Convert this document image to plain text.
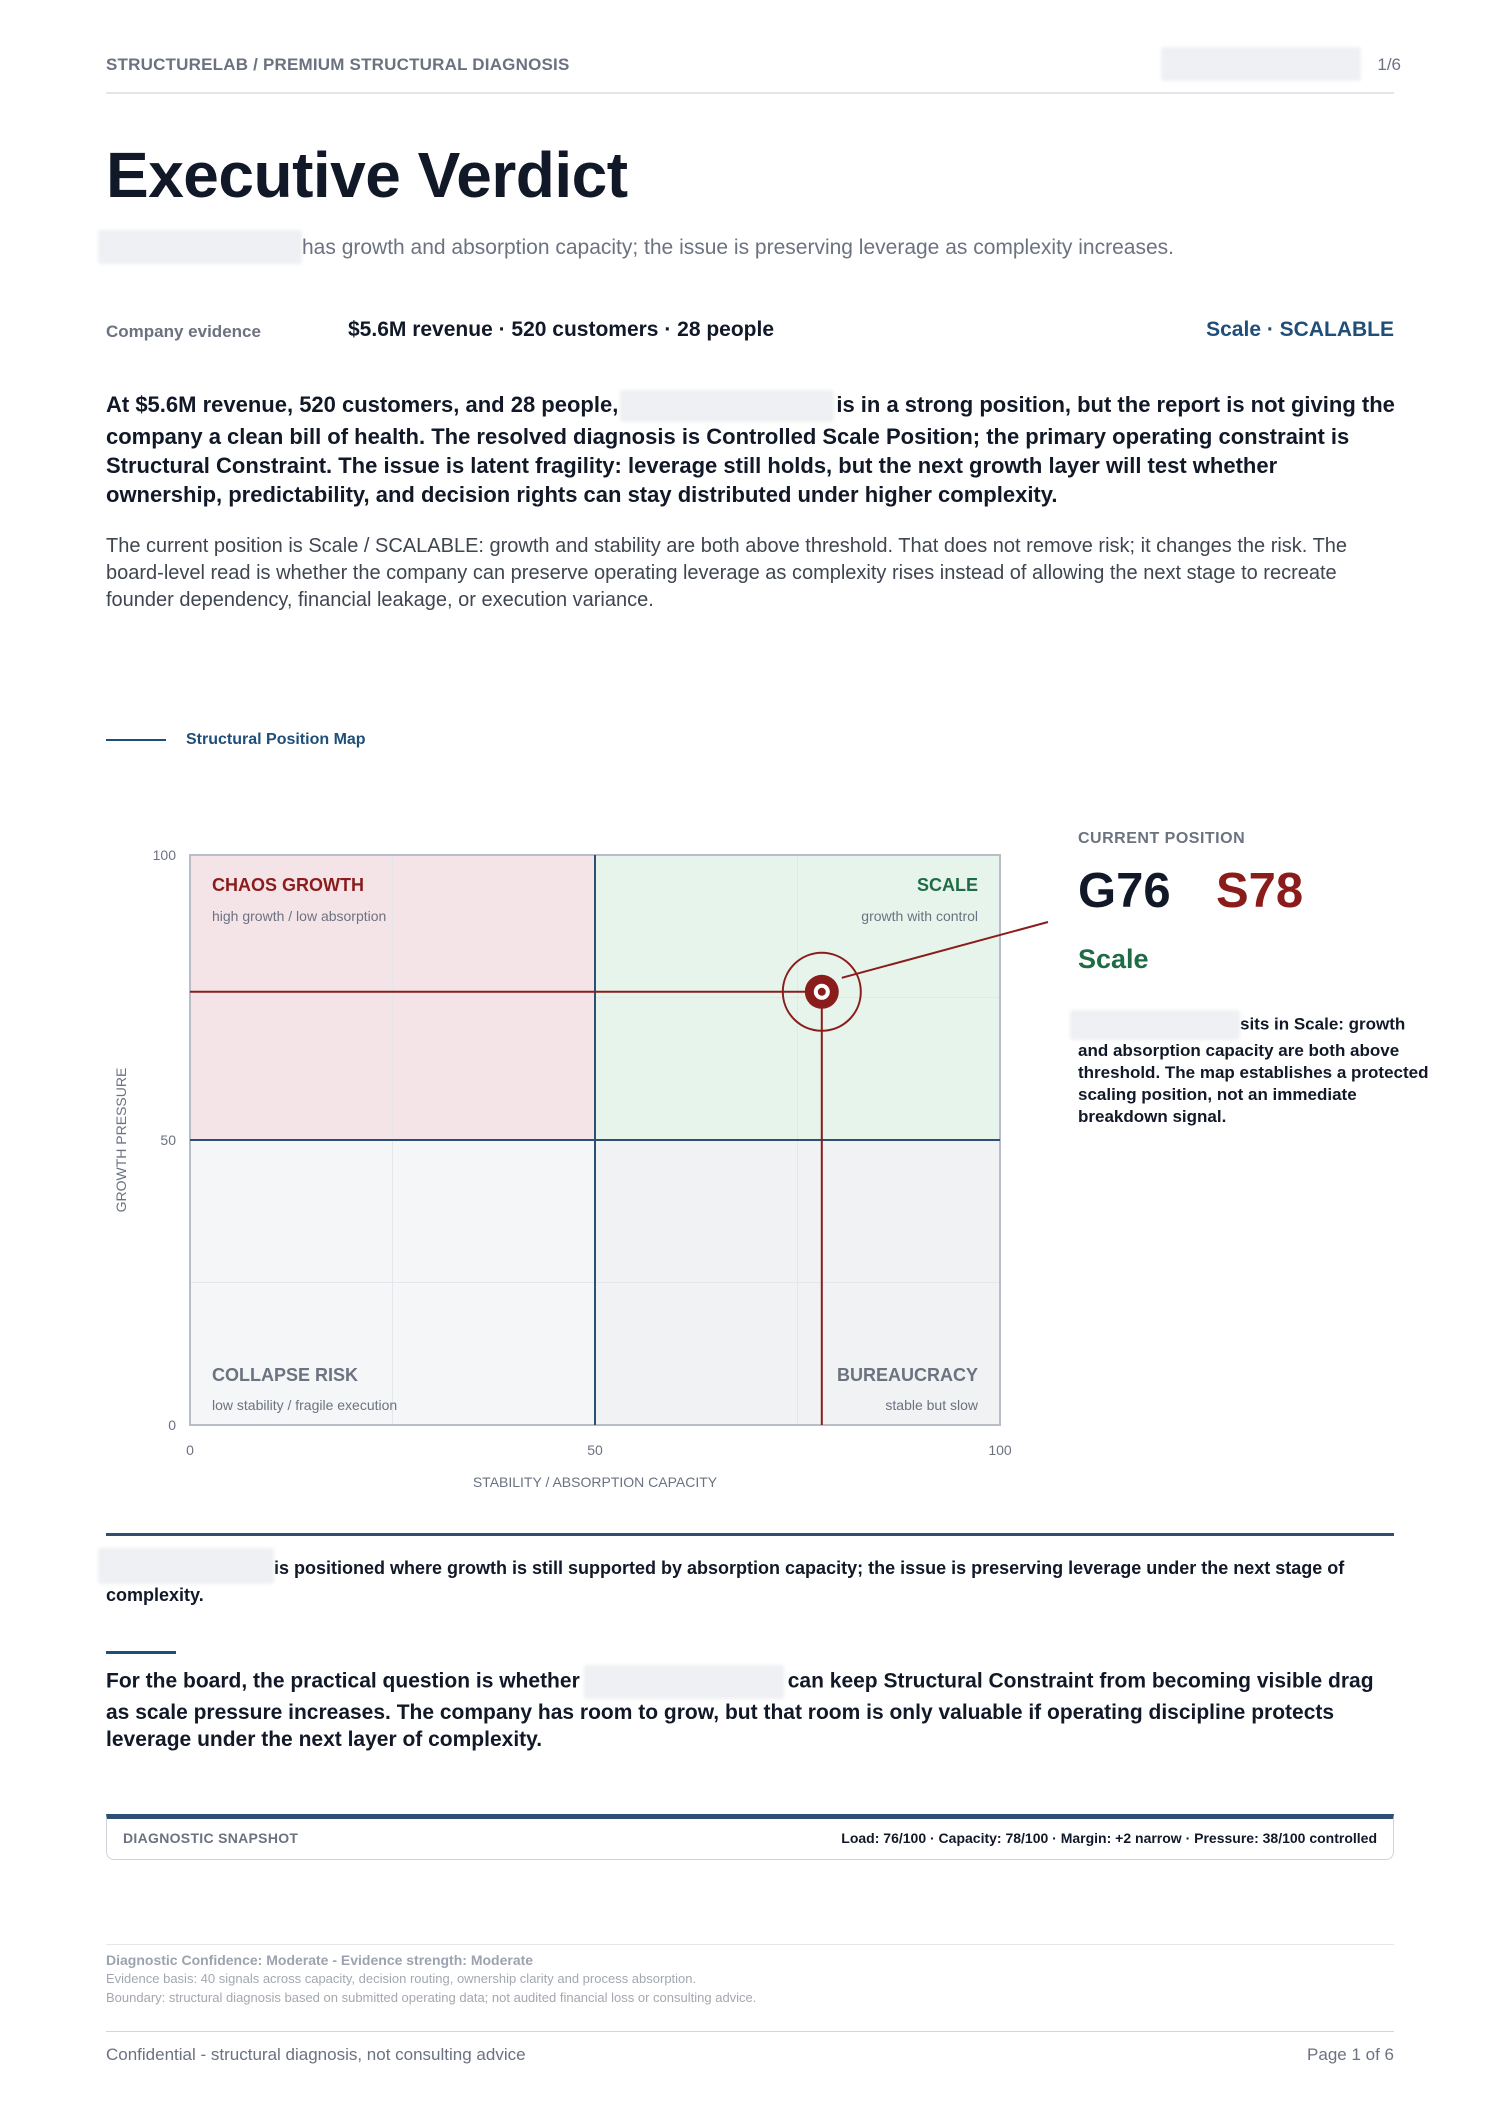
STRUCTURELAB / PREMIUM STRUCTURAL DIAGNOSIS	1/6
Executive Verdict
has growth and absorption capacity; the issue is preserving leverage as complexity increases.
Company evidence	$5.6M revenue · 520 customers · 28 people	Scale · SCALABLE

At $5.6M revenue, 520 customers, and 28 people,	is in a strong position, but the report is not giving the company a clean bill of health. The resolved diagnosis is Controlled Scale Position; the primary operating constraint is Structural Constraint. The issue is latent fragility: leverage still holds, but the next growth layer will test whether ownership, predictability, and decision rights can stay distributed under higher complexity.

The current position is Scale / SCALABLE: growth and stability are both above threshold. That does not remove risk; it changes the risk. The board-level read is whether the company can preserve operating leverage as complexity rises instead of allowing the next stage to recreate founder dependency, financial leakage, or execution variance.

Structural Position Map
CHAOS GROWTH
high growth / low absorption
SCALE
growth with control
COLLAPSE RISK
low stability / fragile execution
BUREAUCRACY
stable but slow
0
0
50
50
100
100
STABILITY / ABSORPTION CAPACITY
GROWTH PRESSURE
CURRENT POSITION
G76 S78
Scale
sits in Scale: growth and absorption capacity are both above threshold. The map establishes a protected scaling position, not an immediate breakdown signal.

is positioned where growth is still supported by absorption capacity; the issue is preserving leverage under the next stage of complexity.

For the board, the practical question is whether	can keep Structural Constraint from becoming visible drag as scale pressure increases. The company has room to grow, but that room is only valuable if operating discipline protects leverage under the next layer of complexity.

DIAGNOSTIC SNAPSHOT	Load: 76/100 · Capacity: 78/100 · Margin: +2 narrow · Pressure: 38/100 controlled
Diagnostic Confidence: Moderate - Evidence strength: Moderate
Evidence basis: 40 signals across capacity, decision routing, ownership clarity and process absorption.
Boundary: structural diagnosis based on submitted operating data; not audited financial loss or consulting advice.
Confidential - structural diagnosis, not consulting advice	Page 1 of 6
